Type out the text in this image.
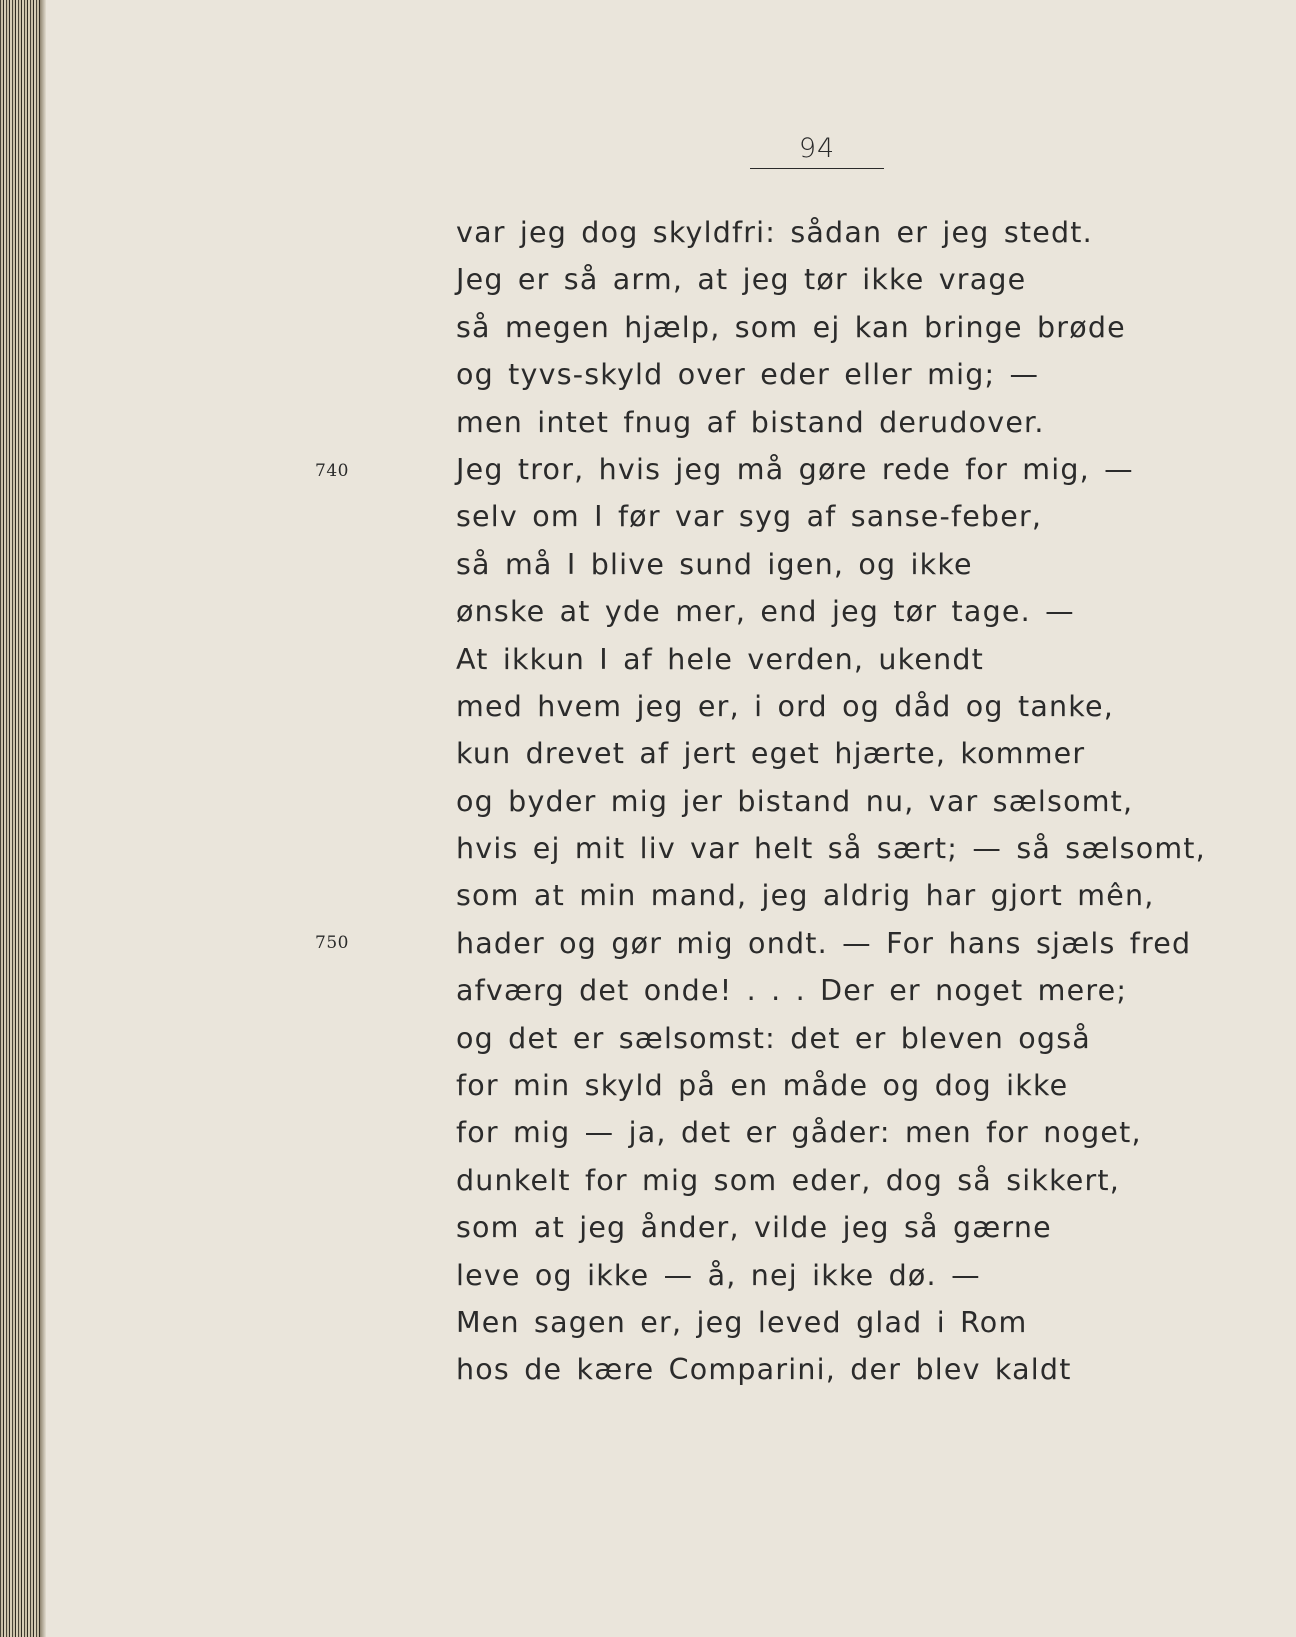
94
740
750
var jeg dog skyldfri: sådan er jeg stedt.
Jeg er så arm, at jeg tør ikke vrage
så megen hjælp, som ej kan bringe brøde
og tyvs-skyld over eder eller mig; —
men intet fnug af bistand derudover.
Jeg tror, hvis jeg må gøre rede for mig, —
selv om I før var syg af sanse-feber,
så må I blive sund igen, og ikke
ønske at yde mer, end jeg tør tage. —
At ikkun I af hele verden, ukendt
med hvem jeg er, i ord og dåd og tanke,
kun drevet af jert eget hjærte, kommer
og byder mig jer bistand nu, var sælsomt,
hvis ej mit liv var helt så sært; — så sælsomt,
som at min mand, jeg aldrig har gjort mên,
hader og gør mig ondt. — For hans sjæls fred
afværg det onde! . . . Der er noget mere;
og det er sælsomst: det er bleven også
for min skyld på en måde og dog ikke
for mig — ja, det er gåder: men for noget,
dunkelt for mig som eder, dog så sikkert,
som at jeg ånder, vilde jeg så gærne
leve og ikke — å, nej ikke dø. —
Men sagen er, jeg leved glad i Rom
hos de kære Comparini, der blev kaldt
